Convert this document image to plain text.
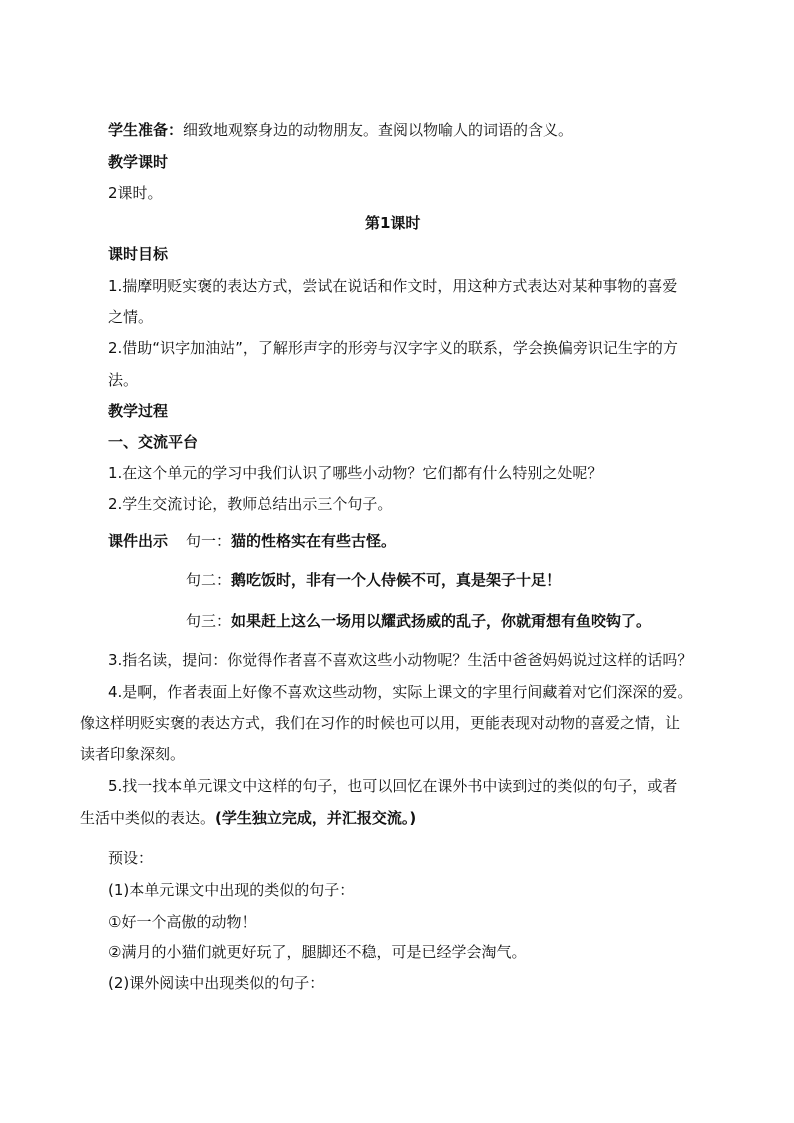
学生准备：细致地观察身边的动物朋友。查阅以物喻人的词语的含义。
教学课时
2课时。
第1课时
课时目标
1.揣摩明贬实褒的表达方式，尝试在说话和作文时，用这种方式表达对某种事物的喜爱
之情。
2.借助“识字加油站”，了解形声字的形旁与汉字字义的联系，学会换偏旁识记生字的方
法。
教学过程
一、交流平台
1.在这个单元的学习中我们认识了哪些小动物？它们都有什么特别之处呢？
2.学生交流讨论，教师总结出示三个句子。
课件出示 句一：猫的性格实在有些古怪。
句二：鹅吃饭时，非有一个人侍候不可，真是架子十足！
句三：如果赶上这么一场用以耀武扬威的乱子，你就甭想有鱼咬钩了。
3.指名读，提问：你觉得作者喜不喜欢这些小动物呢？生活中爸爸妈妈说过这样的话吗？
4.是啊，作者表面上好像不喜欢这些动物，实际上课文的字里行间藏着对它们深深的爱。
像这样明贬实褒的表达方式，我们在习作的时候也可以用，更能表现对动物的喜爱之情，让
读者印象深刻。
5.找一找本单元课文中这样的句子，也可以回忆在课外书中读到过的类似的句子，或者
生活中类似的表达。(学生独立完成，并汇报交流。)
预设：
(1)本单元课文中出现的类似的句子：
①好一个高傲的动物！
②满月的小猫们就更好玩了，腿脚还不稳，可是已经学会淘气。
(2)课外阅读中出现类似的句子：
